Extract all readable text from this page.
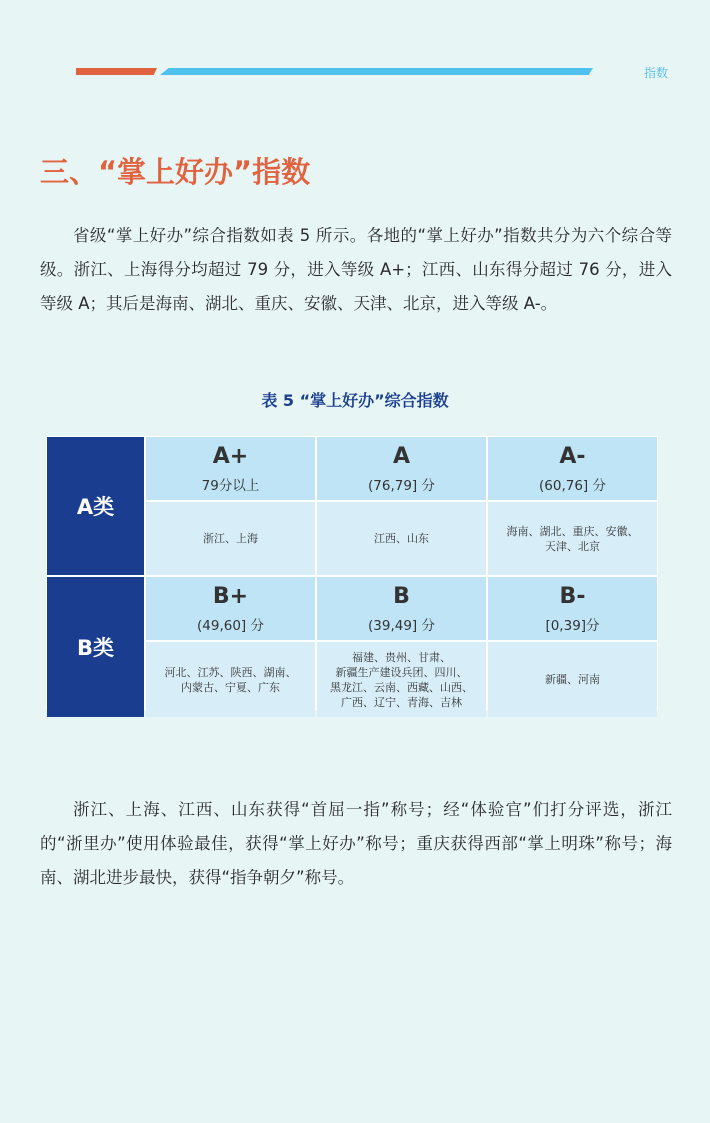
指数
三、“掌上好办”指数

省级“掌上好办”综合指数如表 5 所示。各地的“掌上好办”指数共分为六个综合等级。浙江、上海得分均超过 79 分，进入等级 A+；江西、山东得分超过 76 分，进入等级 A；其后是海南、湖北、重庆、安徽、天津、北京，进入等级 A-。

表 5 “掌上好办”综合指数
A类
A+
79分以上
A
(76,79] 分
A-
(60,76] 分
浙江、上海	江西、山东
海南、湖北、重庆、安徽、
天津、北京
B类
B+
(49,60] 分
B
(39,49] 分
B-
[0,39]分
河北、江苏、陕西、湖南、
内蒙古、宁夏、广东
福建、贵州、甘肃、
新疆生产建设兵团、四川、
黑龙江、云南、西藏、山西、
广西、辽宁、青海、吉林
新疆、河南

浙江、上海、江西、山东获得“首屈一指”称号；经“体验官”们打分评选，浙江的“浙里办”使用体验最佳，获得“掌上好办”称号；重庆获得西部“掌上明珠”称号；海南、湖北进步最快，获得“指争朝夕”称号。
